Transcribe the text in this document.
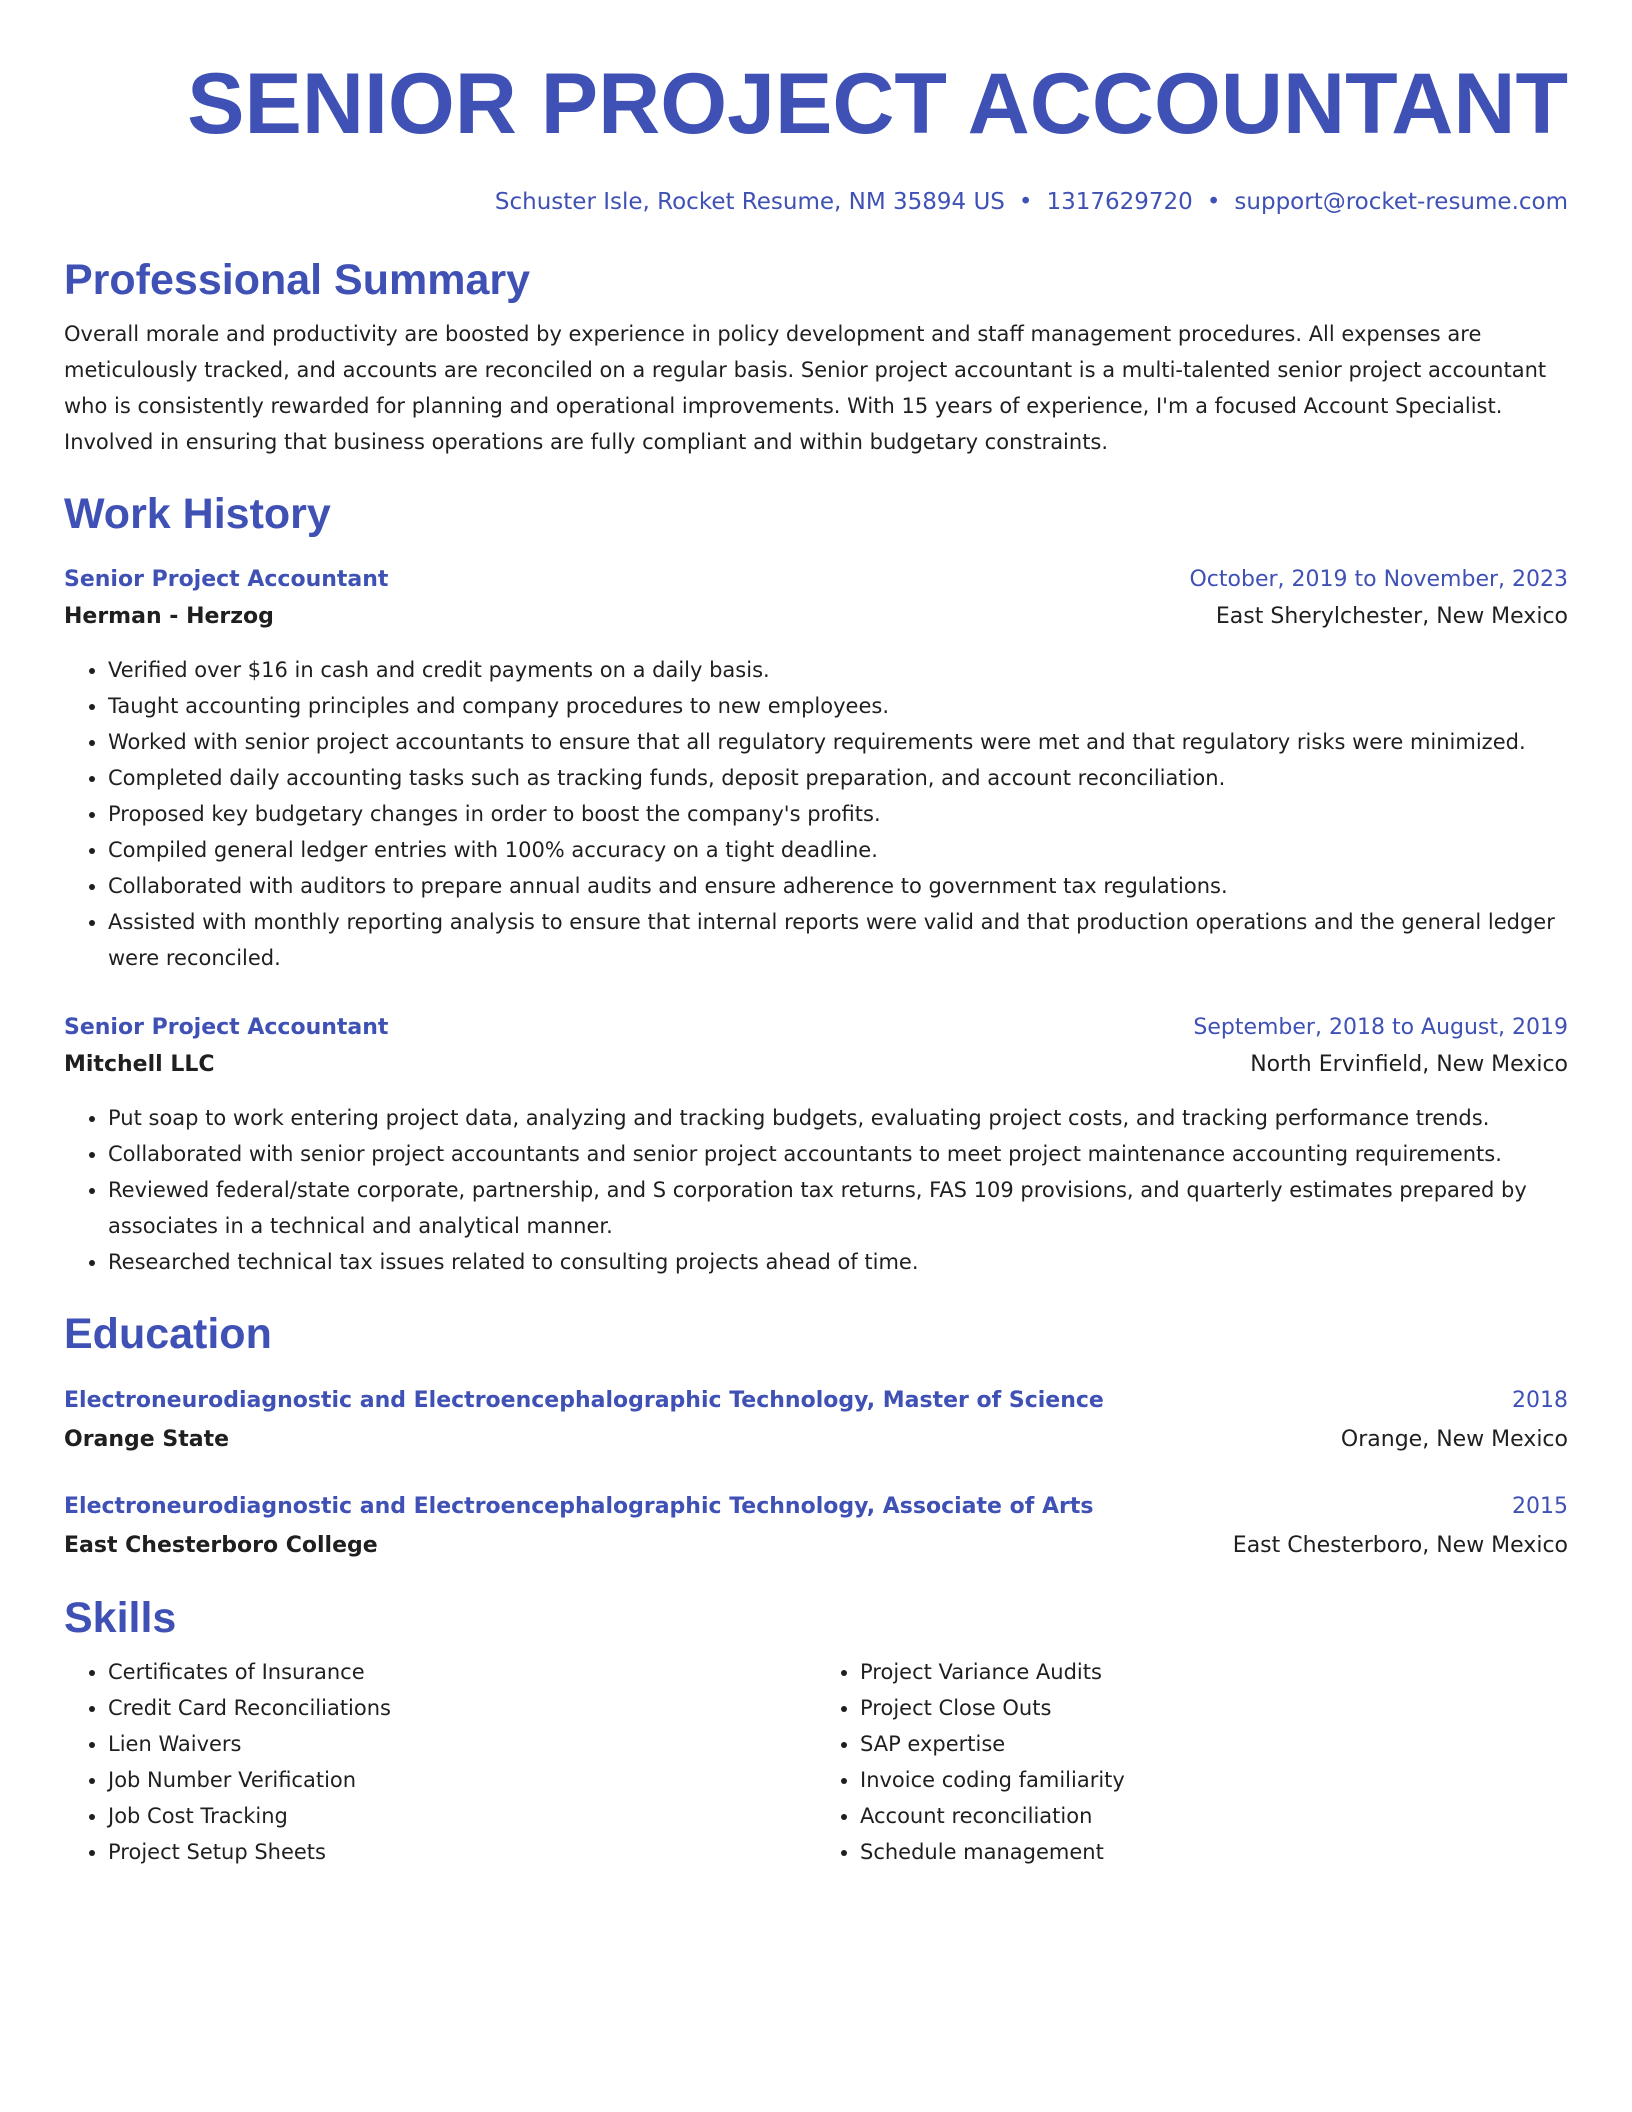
SENIOR PROJECT ACCOUNTANT
Schuster Isle, Rocket Resume, NM 35894 US • 1317629720 • support@rocket-resume.com
Professional Summary
Overall morale and productivity are boosted by experience in policy development and staff management procedures. All expenses are meticulously tracked, and accounts are reconciled on a regular basis. Senior project accountant is a multi-talented senior project accountant who is consistently rewarded for planning and operational improvements. With 15 years of experience, I'm a focused Account Specialist. Involved in ensuring that business operations are fully compliant and within budgetary constraints.
Work History
Senior Project Accountant	October, 2019 to November, 2023
Herman - Herzog	East Sherylchester, New Mexico
• Verified over $16 in cash and credit payments on a daily basis.
• Taught accounting principles and company procedures to new employees.
• Worked with senior project accountants to ensure that all regulatory requirements were met and that regulatory risks were minimized.
• Completed daily accounting tasks such as tracking funds, deposit preparation, and account reconciliation.
• Proposed key budgetary changes in order to boost the company's profits.
• Compiled general ledger entries with 100% accuracy on a tight deadline.
• Collaborated with auditors to prepare annual audits and ensure adherence to government tax regulations.
• Assisted with monthly reporting analysis to ensure that internal reports were valid and that production operations and the general ledger were reconciled.
Senior Project Accountant	September, 2018 to August, 2019
Mitchell LLC	North Ervinfield, New Mexico
• Put soap to work entering project data, analyzing and tracking budgets, evaluating project costs, and tracking performance trends.
• Collaborated with senior project accountants and senior project accountants to meet project maintenance accounting requirements.
• Reviewed federal/state corporate, partnership, and S corporation tax returns, FAS 109 provisions, and quarterly estimates prepared by associates in a technical and analytical manner.
• Researched technical tax issues related to consulting projects ahead of time.
Education
Electroneurodiagnostic and Electroencephalographic Technology, Master of Science	2018
Orange State	Orange, New Mexico
Electroneurodiagnostic and Electroencephalographic Technology, Associate of Arts	2015
East Chesterboro College	East Chesterboro, New Mexico
Skills
• Certificates of Insurance
• Credit Card Reconciliations
• Lien Waivers
• Job Number Verification
• Job Cost Tracking
• Project Setup Sheets
• Project Variance Audits
• Project Close Outs
• SAP expertise
• Invoice coding familiarity
• Account reconciliation
• Schedule management
